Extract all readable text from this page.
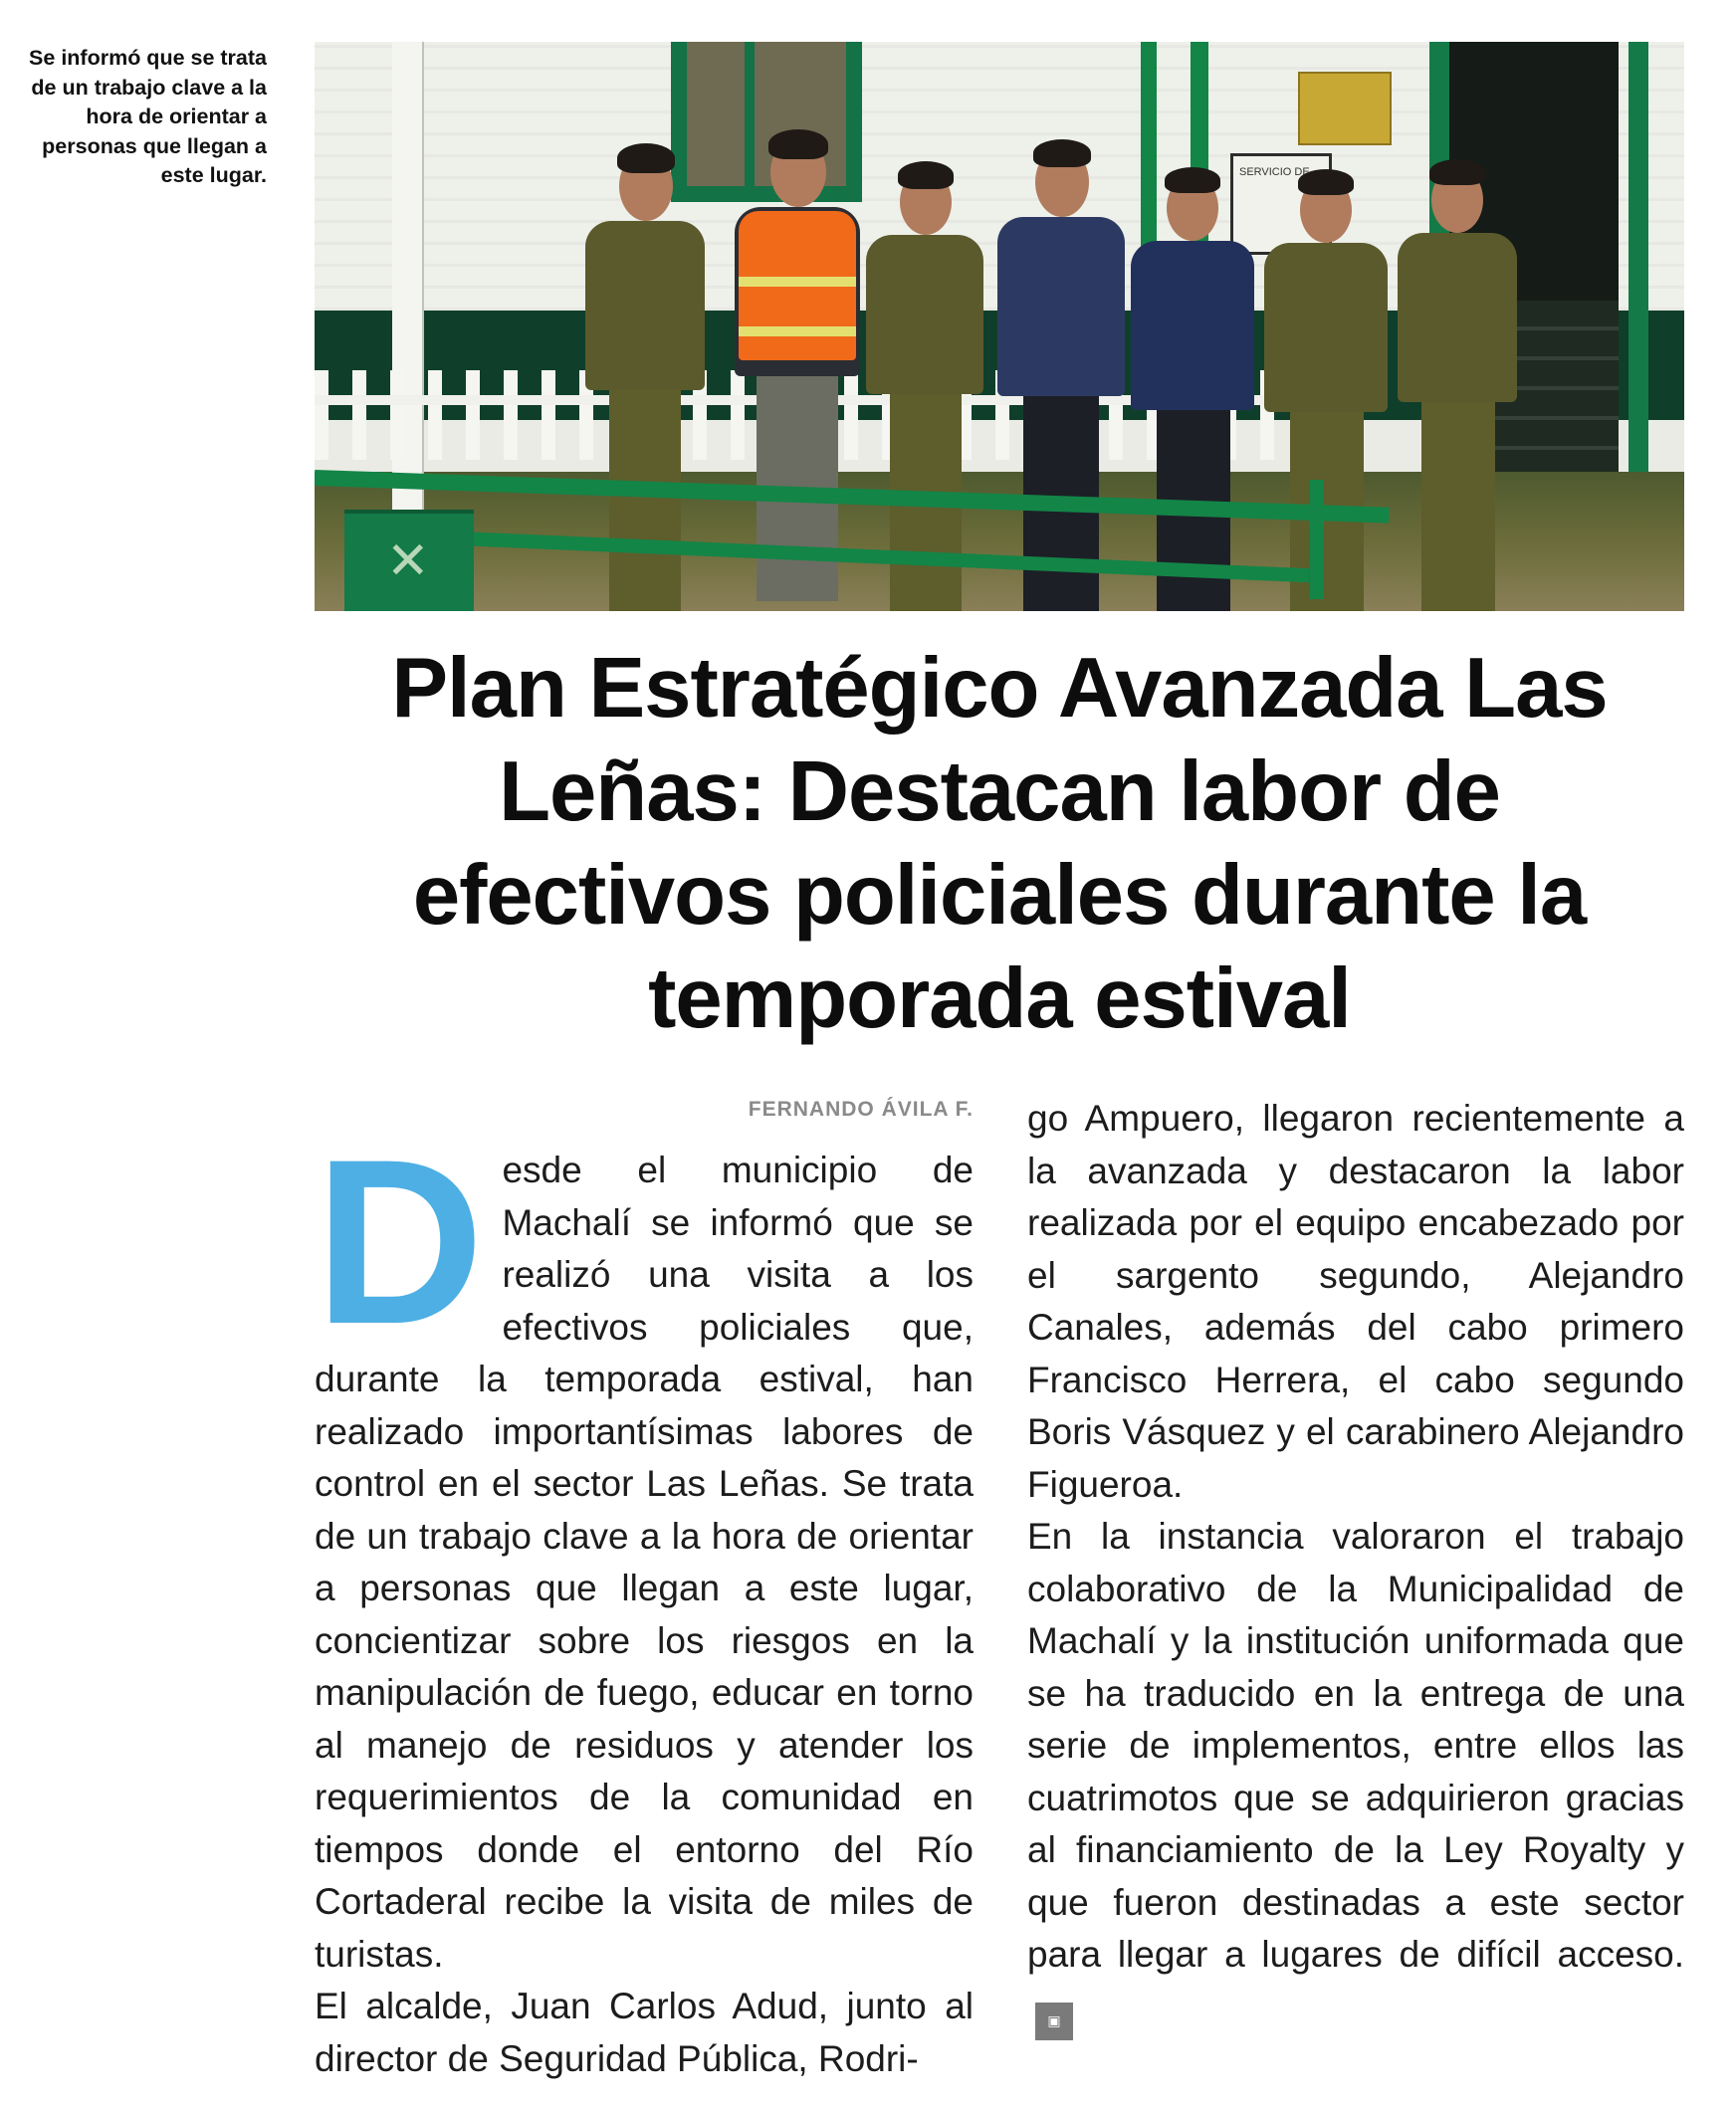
Se informó que se trata de un trabajo clave a la hora de orientar a personas que llegan a este lugar.
SERVICIO DE
✕
Plan Estratégico Avanzada Las Leñas: Destacan labor de efectivos policiales durante la temporada estival
FERNANDO ÁVILA F.
D esde el municipio de Machalí se informó que se realizó una visita a los efectivos policiales que, durante la temporada estival, han realizado importantísimas labores de control en el sector Las Leñas. Se trata de un trabajo clave a la hora de orientar a personas que llegan a este lugar, concientizar sobre los riesgos en la manipulación de fuego, educar en torno al manejo de residuos y atender los requerimientos de la comunidad en tiempos donde el entorno del Río Cortaderal recibe la visita de miles de turistas.

El alcalde, Juan Carlos Adud, junto al director de Seguridad Pública, Rodri-

go Ampuero, llegaron recientemente a la avanzada y destacaron la labor realizada por el equipo encabezado por el sargento segundo, Alejandro Canales, además del cabo primero Francisco Herrera, el cabo segundo Boris Vásquez y el carabinero Alejandro Figueroa.

En la instancia valoraron el trabajo colaborativo de la Municipalidad de Machalí y la institución uniformada que se ha traducido en la entrega de una serie de implementos, entre ellos las cuatrimotos que se adquirieron gracias al financiamiento de la Ley Royalty y que fueron destinadas a este sector para llegar a lugares de difícil acceso.▣
